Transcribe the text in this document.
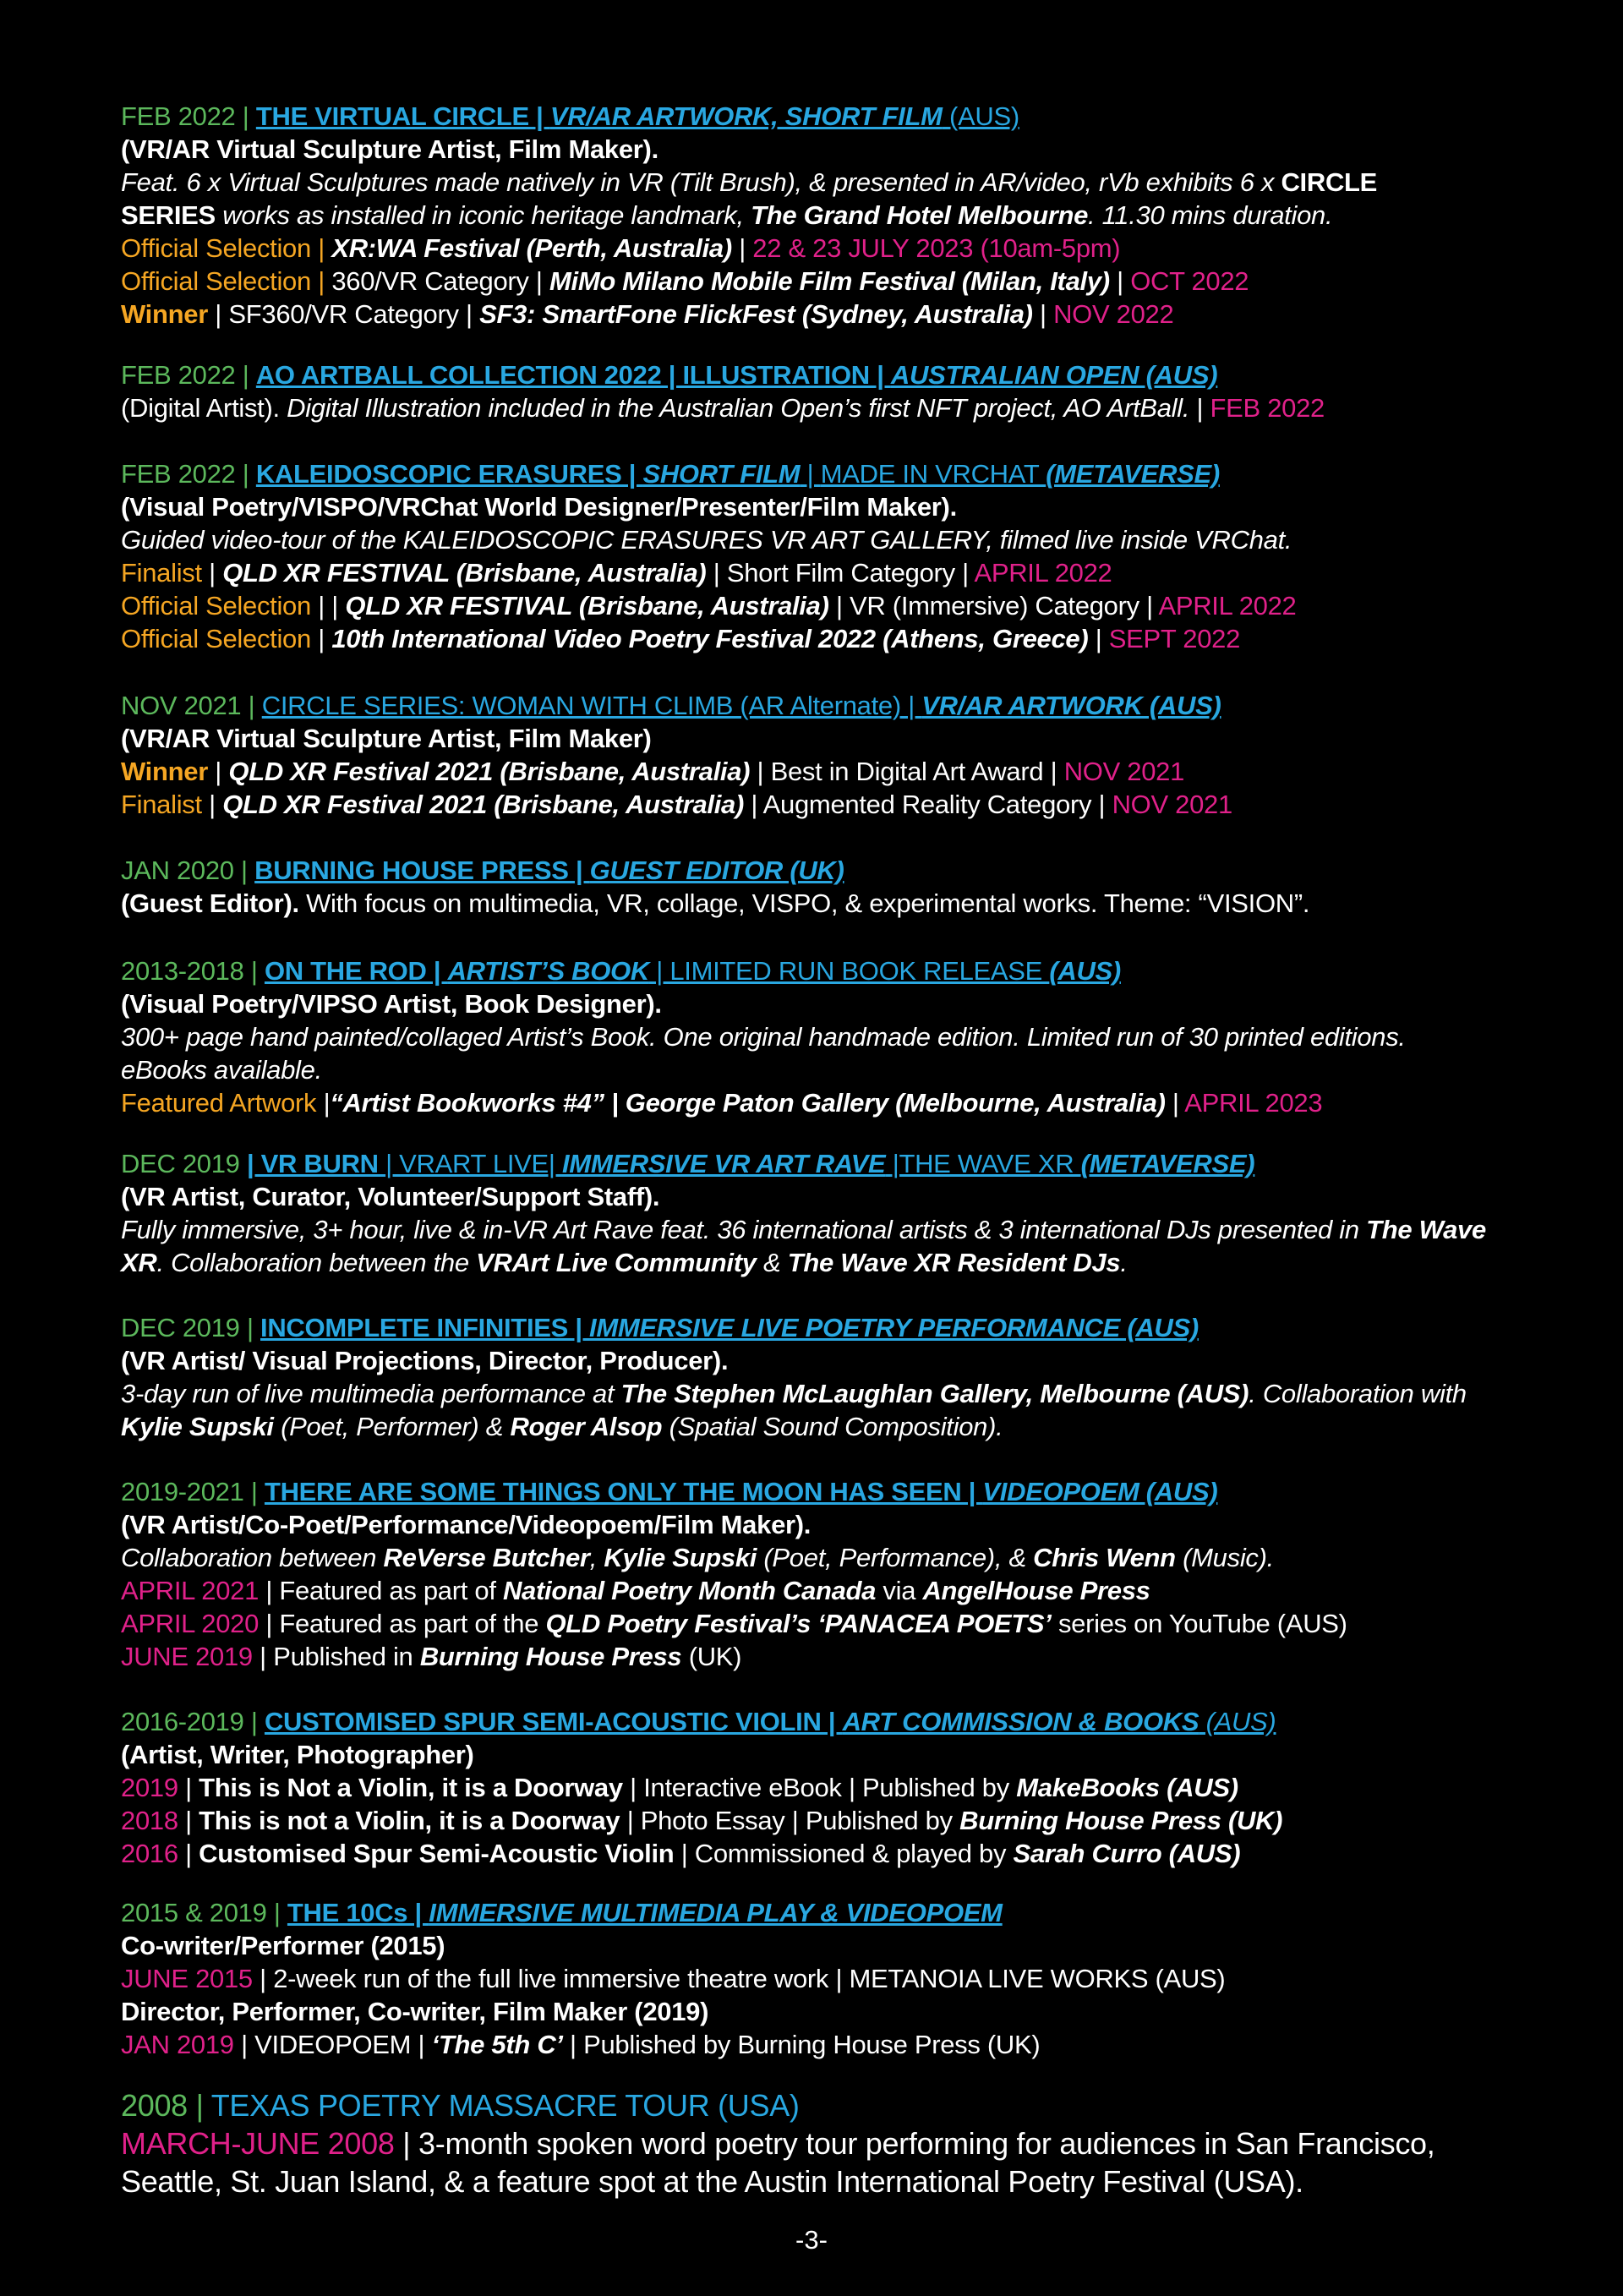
FEB 2022 | THE VIRTUAL CIRCLE | VR/AR ARTWORK, SHORT FILM (AUS)
(VR/AR Virtual Sculpture Artist, Film Maker).
Feat. 6 x Virtual Sculptures made natively in VR (Tilt Brush), & presented in AR/video, rVb exhibits 6 x CIRCLE
SERIES works as installed in iconic heritage landmark, The Grand Hotel Melbourne. 11.30 mins duration.
Official Selection | XR:WA Festival (Perth, Australia) | 22 & 23 JULY 2023 (10am-5pm)
Official Selection | 360/VR Category | MiMo Milano Mobile Film Festival (Milan, Italy) | OCT 2022
Winner | SF360/VR Category | SF3: SmartFone FlickFest (Sydney, Australia) | NOV 2022
FEB 2022 | AO ARTBALL COLLECTION 2022 | ILLUSTRATION | AUSTRALIAN OPEN (AUS)
(Digital Artist). Digital Illustration included in the Australian Open’s first NFT project, AO ArtBall. | FEB 2022
FEB 2022 | KALEIDOSCOPIC ERASURES | SHORT FILM | MADE IN VRCHAT (METAVERSE)
(Visual Poetry/VISPO/VRChat World Designer/Presenter/Film Maker).
Guided video-tour of the KALEIDOSCOPIC ERASURES VR ART GALLERY, filmed live inside VRChat.
Finalist | QLD XR FESTIVAL (Brisbane, Australia) | Short Film Category | APRIL 2022
Official Selection | | QLD XR FESTIVAL (Brisbane, Australia) | VR (Immersive) Category | APRIL 2022
Official Selection | 10th International Video Poetry Festival 2022 (Athens, Greece) | SEPT 2022
NOV 2021 | CIRCLE SERIES: WOMAN WITH CLIMB (AR Alternate) | VR/AR ARTWORK (AUS)
(VR/AR Virtual Sculpture Artist, Film Maker)
Winner | QLD XR Festival 2021 (Brisbane, Australia) | Best in Digital Art Award | NOV 2021
Finalist | QLD XR Festival 2021 (Brisbane, Australia) | Augmented Reality Category | NOV 2021
JAN 2020 | BURNING HOUSE PRESS | GUEST EDITOR (UK)
(Guest Editor). With focus on multimedia, VR, collage, VISPO, & experimental works. Theme: “VISION”.
2013-2018 | ON THE ROD | ARTIST’S BOOK | LIMITED RUN BOOK RELEASE (AUS)
(Visual Poetry/VIPSO Artist, Book Designer).
300+ page hand painted/collaged Artist’s Book. One original handmade edition. Limited run of 30 printed editions.
eBooks available.
Featured Artwork |“Artist Bookworks #4” | George Paton Gallery (Melbourne, Australia) | APRIL 2023
DEC 2019 | VR BURN | VRART LIVE| IMMERSIVE VR ART RAVE |THE WAVE XR (METAVERSE)
(VR Artist, Curator, Volunteer/Support Staff).
Fully immersive, 3+ hour, live & in-VR Art Rave feat. 36 international artists & 3 international DJs presented in The Wave
XR. Collaboration between the VRArt Live Community & The Wave XR Resident DJs.
DEC 2019 | INCOMPLETE INFINITIES | IMMERSIVE LIVE POETRY PERFORMANCE (AUS)
(VR Artist/ Visual Projections, Director, Producer).
3-day run of live multimedia performance at The Stephen McLaughlan Gallery, Melbourne (AUS). Collaboration with
Kylie Supski (Poet, Performer) & Roger Alsop (Spatial Sound Composition).
2019-2021 | THERE ARE SOME THINGS ONLY THE MOON HAS SEEN | VIDEOPOEM (AUS)
(VR Artist/Co-Poet/Performance/Videopoem/Film Maker).
Collaboration between ReVerse Butcher, Kylie Supski (Poet, Performance), & Chris Wenn (Music).
APRIL 2021 | Featured as part of National Poetry Month Canada via AngelHouse Press
APRIL 2020 | Featured as part of the QLD Poetry Festival’s ‘PANACEA POETS’ series on YouTube (AUS)
JUNE 2019 | Published in Burning House Press (UK)
2016-2019 | CUSTOMISED SPUR SEMI-ACOUSTIC VIOLIN | ART COMMISSION & BOOKS (AUS)
(Artist, Writer, Photographer)
2019 | This is Not a Violin, it is a Doorway | Interactive eBook | Published by MakeBooks (AUS)
2018 | This is not a Violin, it is a Doorway | Photo Essay | Published by Burning House Press (UK)
2016 | Customised Spur Semi-Acoustic Violin | Commissioned & played by Sarah Curro (AUS)
2015 & 2019 | THE 10Cs | IMMERSIVE MULTIMEDIA PLAY & VIDEOPOEM
Co-writer/Performer (2015)
JUNE 2015 | 2-week run of the full live immersive theatre work | METANOIA LIVE WORKS (AUS)
Director, Performer, Co-writer, Film Maker (2019)
JAN 2019 | VIDEOPOEM | ‘The 5th C’ | Published by Burning House Press (UK)
2008 | TEXAS POETRY MASSACRE TOUR (USA)
MARCH-JUNE 2008 | 3-month spoken word poetry tour performing for audiences in San Francisco,
Seattle, St. Juan Island, & a feature spot at the Austin International Poetry Festival (USA).
-3-
